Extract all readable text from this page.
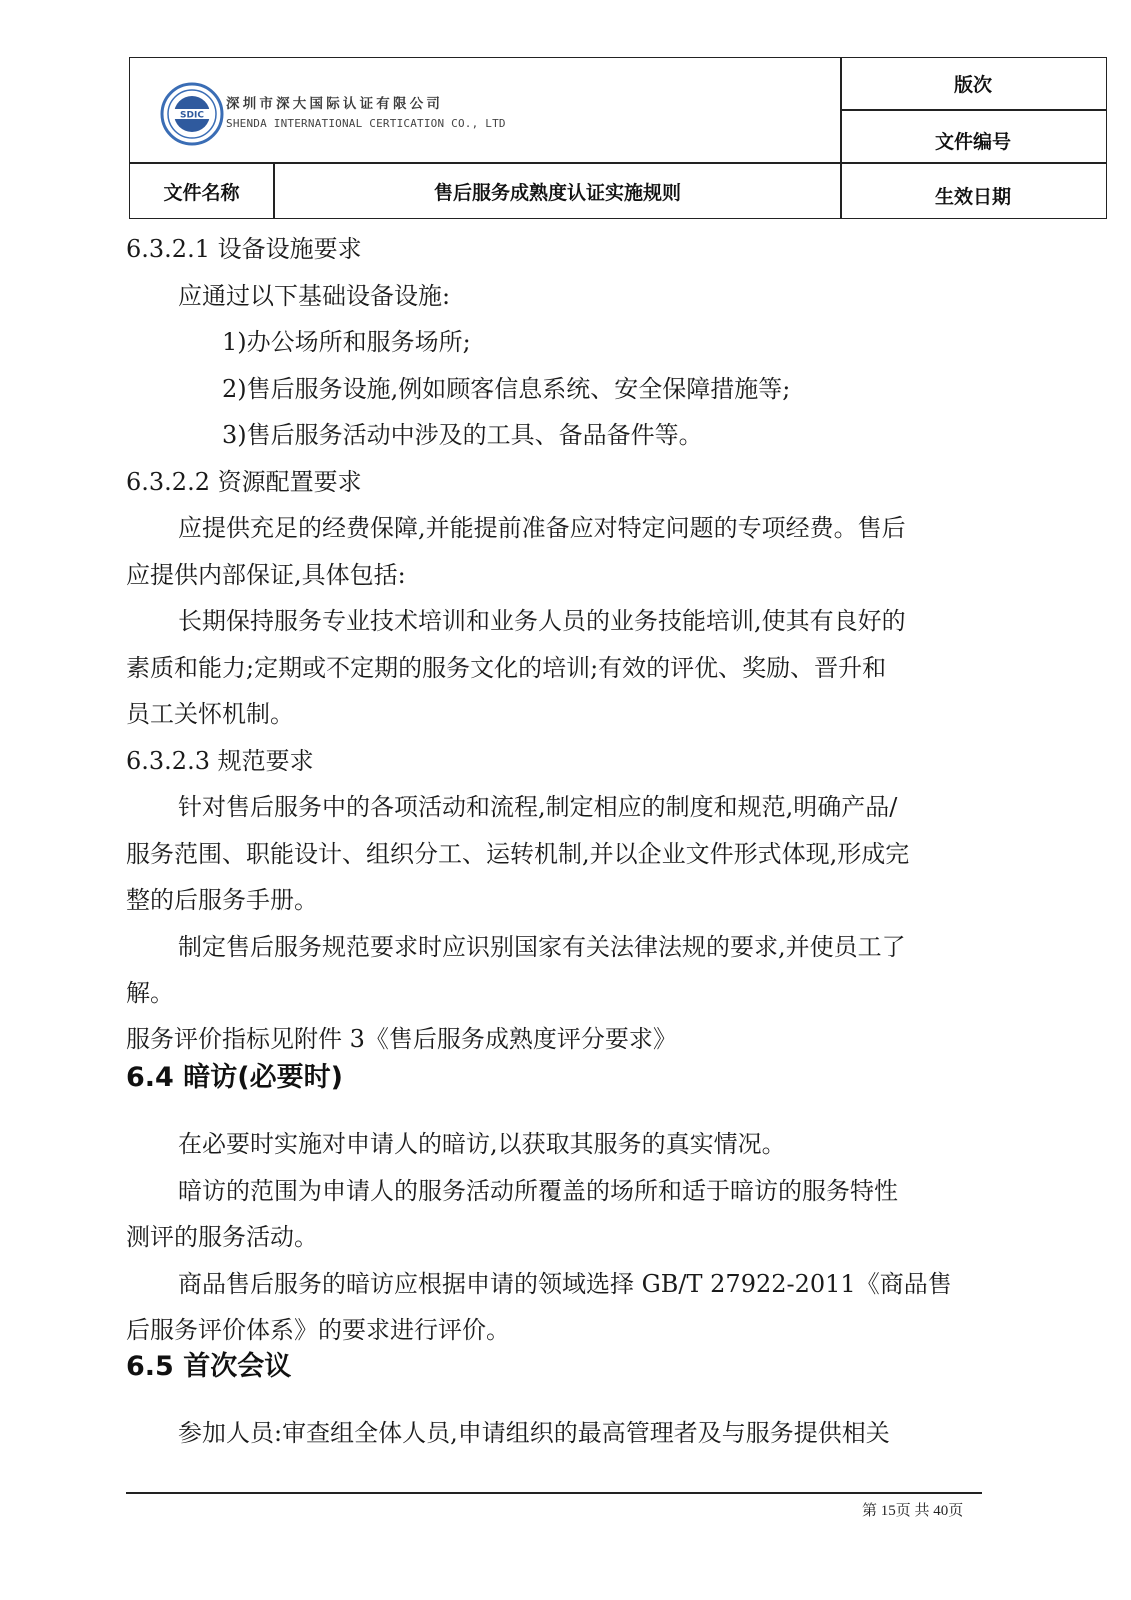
SDIC
深圳市深大国际认证有限公司
SHENDA INTERNATIONAL CERTICATION CO., LTD
版次
文件编号
文件名称	售后服务成熟度认证实施规则	生效日期
6.3.2.1 设备设施要求
应通过以下基础设备设施:
1)办公场所和服务场所;
2)售后服务设施,例如顾客信息系统、安全保障措施等;
3)售后服务活动中涉及的工具、备品备件等。
6.3.2.2 资源配置要求
应提供充足的经费保障,并能提前准备应对特定问题的专项经费。售后
应提供内部保证,具体包括:
长期保持服务专业技术培训和业务人员的业务技能培训,使其有良好的
素质和能力;定期或不定期的服务文化的培训;有效的评优、奖励、晋升和
员工关怀机制。
6.3.2.3 规范要求
针对售后服务中的各项活动和流程,制定相应的制度和规范,明确产品/
服务范围、职能设计、组织分工、运转机制,并以企业文件形式体现,形成完
整的后服务手册。
制定售后服务规范要求时应识别国家有关法律法规的要求,并使员工了
解。
服务评价指标见附件 3《售后服务成熟度评分要求》
6.4 暗访(必要时)
在必要时实施对申请人的暗访,以获取其服务的真实情况。
暗访的范围为申请人的服务活动所覆盖的场所和适于暗访的服务特性
测评的服务活动。
商品售后服务的暗访应根据申请的领域选择 GB/T 27922-2011《商品售
后服务评价体系》的要求进行评价。
6.5 首次会议
参加人员:审查组全体人员,申请组织的最高管理者及与服务提供相关
第 15页 共 40页
